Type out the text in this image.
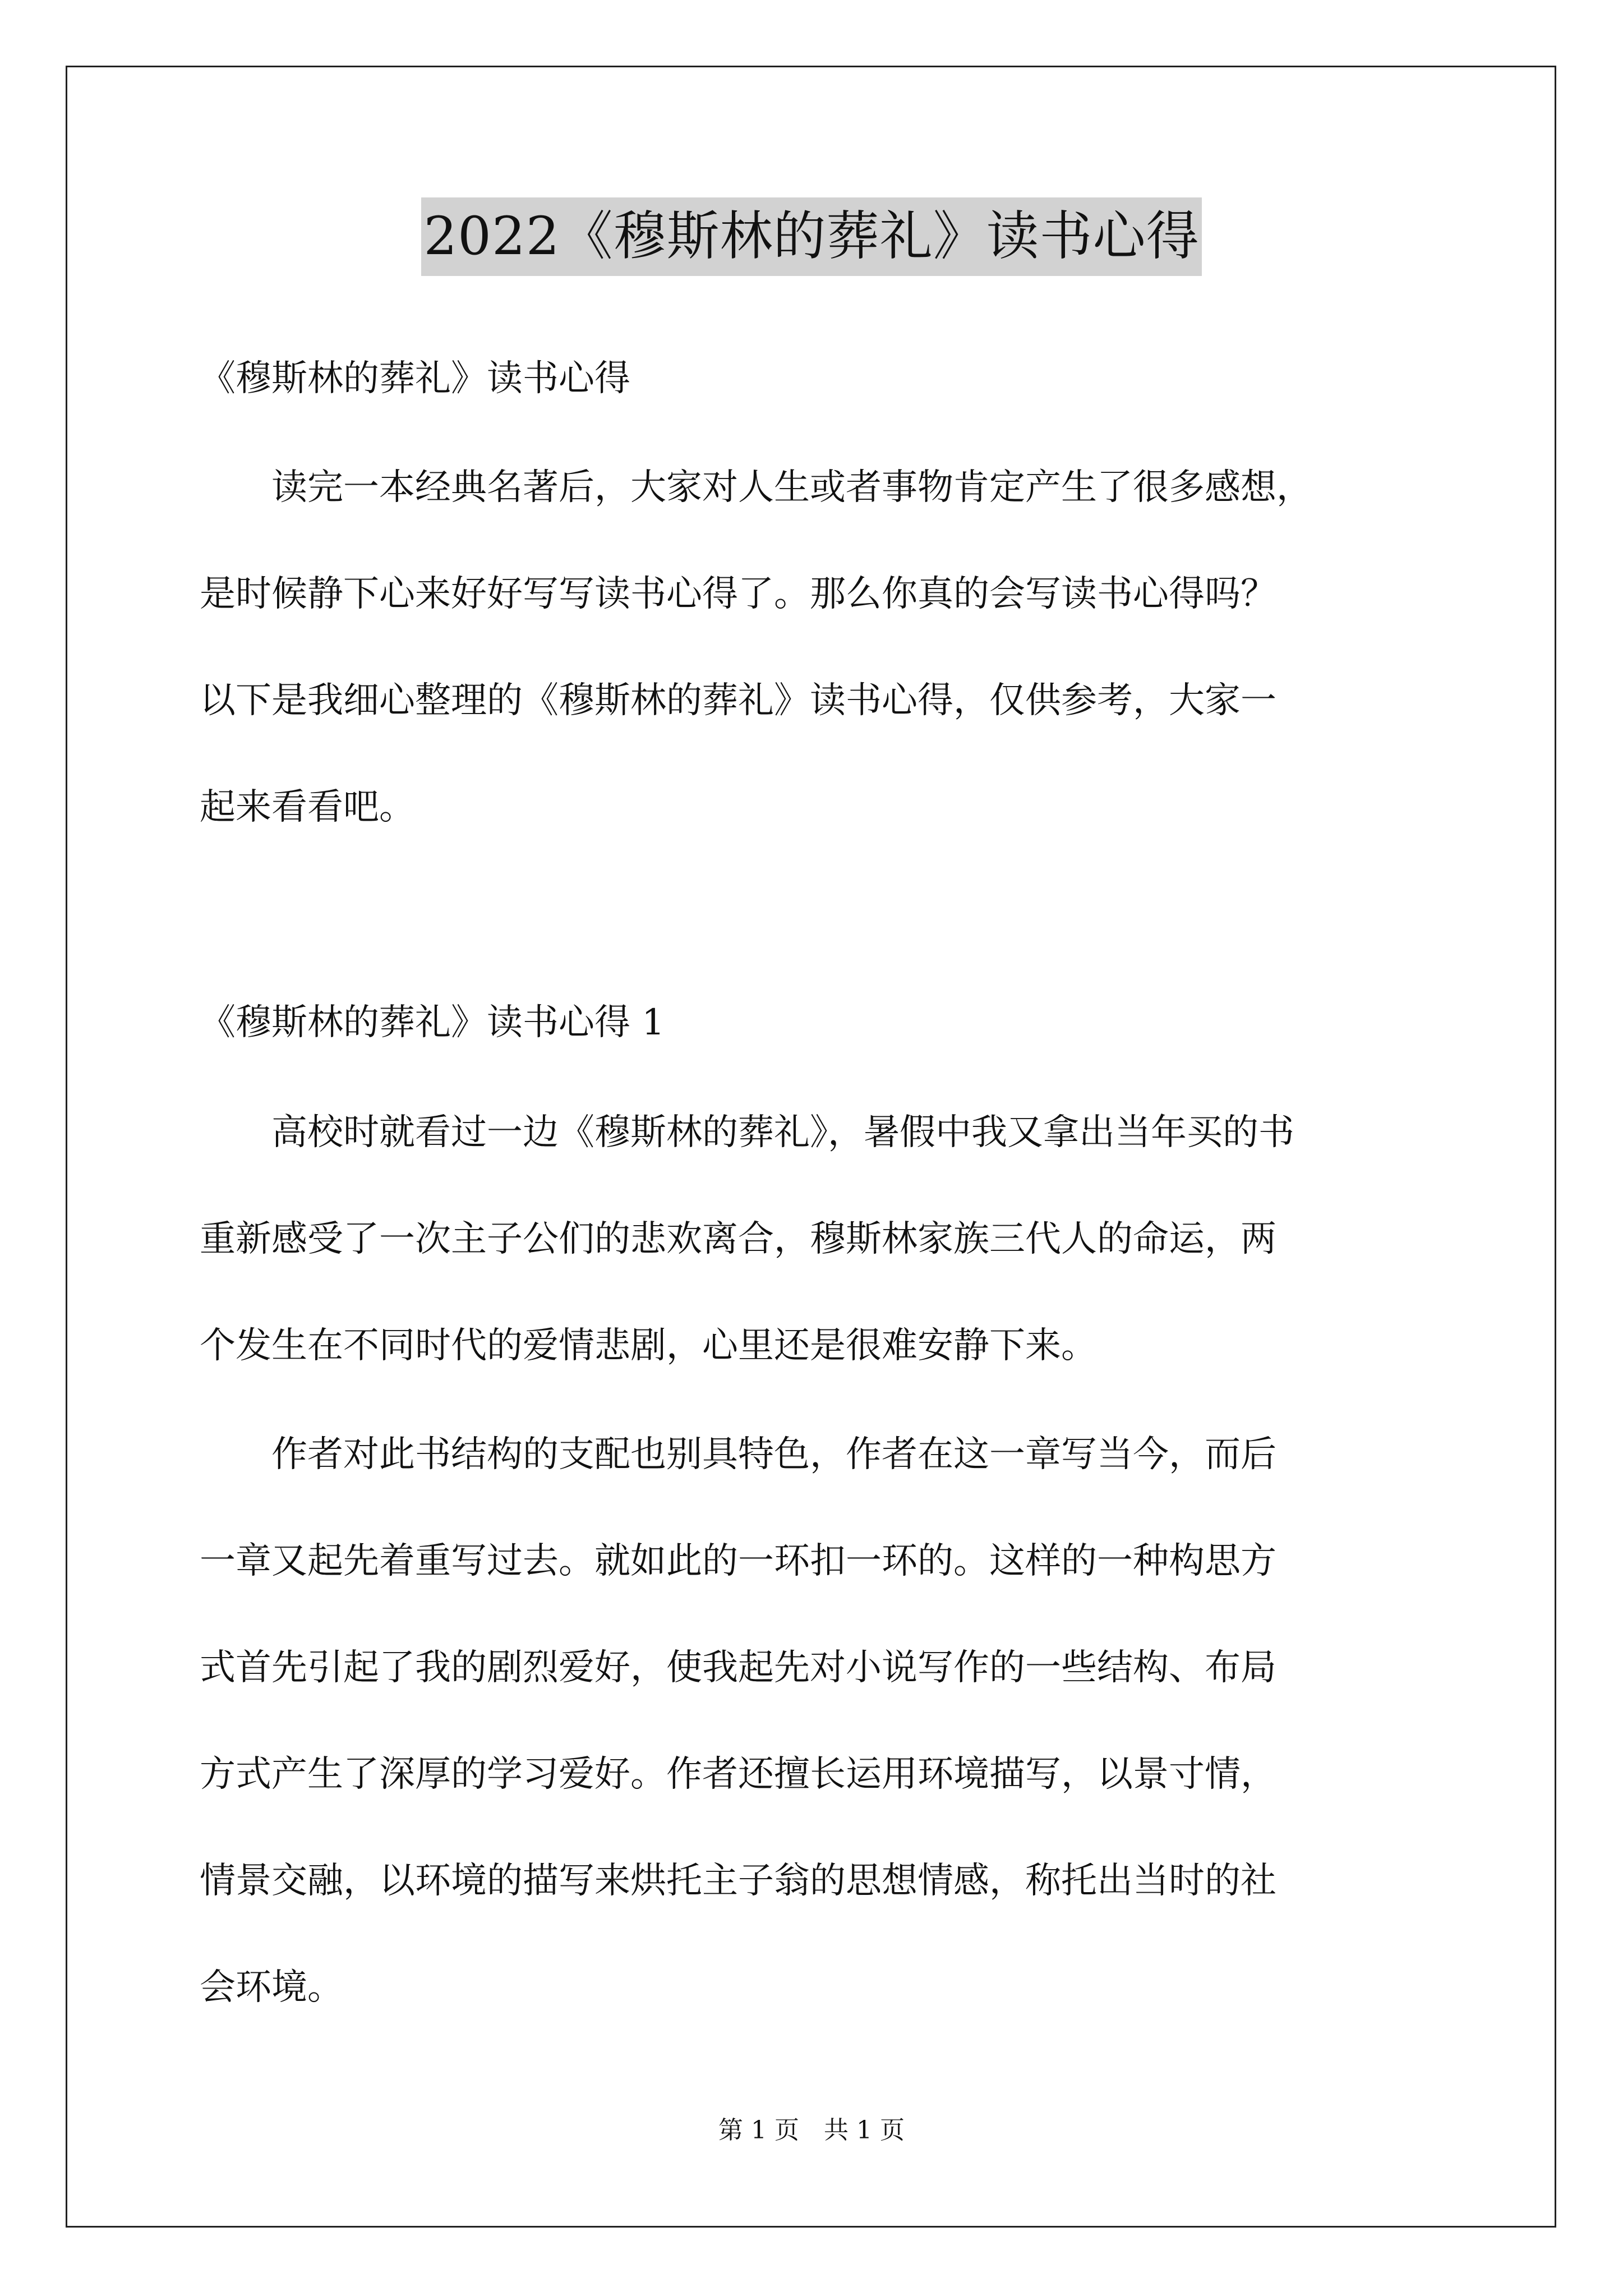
2022《穆斯林的葬礼》读书心得
《穆斯林的葬礼》读书心得
　　读完一本经典名著后，大家对人生或者事物肯定产生了很多感想，
是时候静下心来好好写写读书心得了。那么你真的会写读书心得吗？
以下是我细心整理的《穆斯林的葬礼》读书心得，仅供参考，大家一
起来看看吧。
《穆斯林的葬礼》读书心得 1
　　高校时就看过一边《穆斯林的葬礼》，暑假中我又拿出当年买的书
重新感受了一次主子公们的悲欢离合，穆斯林家族三代人的命运，两
个发生在不同时代的爱情悲剧，心里还是很难安静下来。
　　作者对此书结构的支配也别具特色，作者在这一章写当今，而后
一章又起先着重写过去。就如此的一环扣一环的。这样的一种构思方
式首先引起了我的剧烈爱好，使我起先对小说写作的一些结构、布局
方式产生了深厚的学习爱好。作者还擅长运用环境描写，以景寸情，
情景交融，以环境的描写来烘托主子翁的思想情感，称托出当时的社
会环境。
第 1 页　共 1 页
